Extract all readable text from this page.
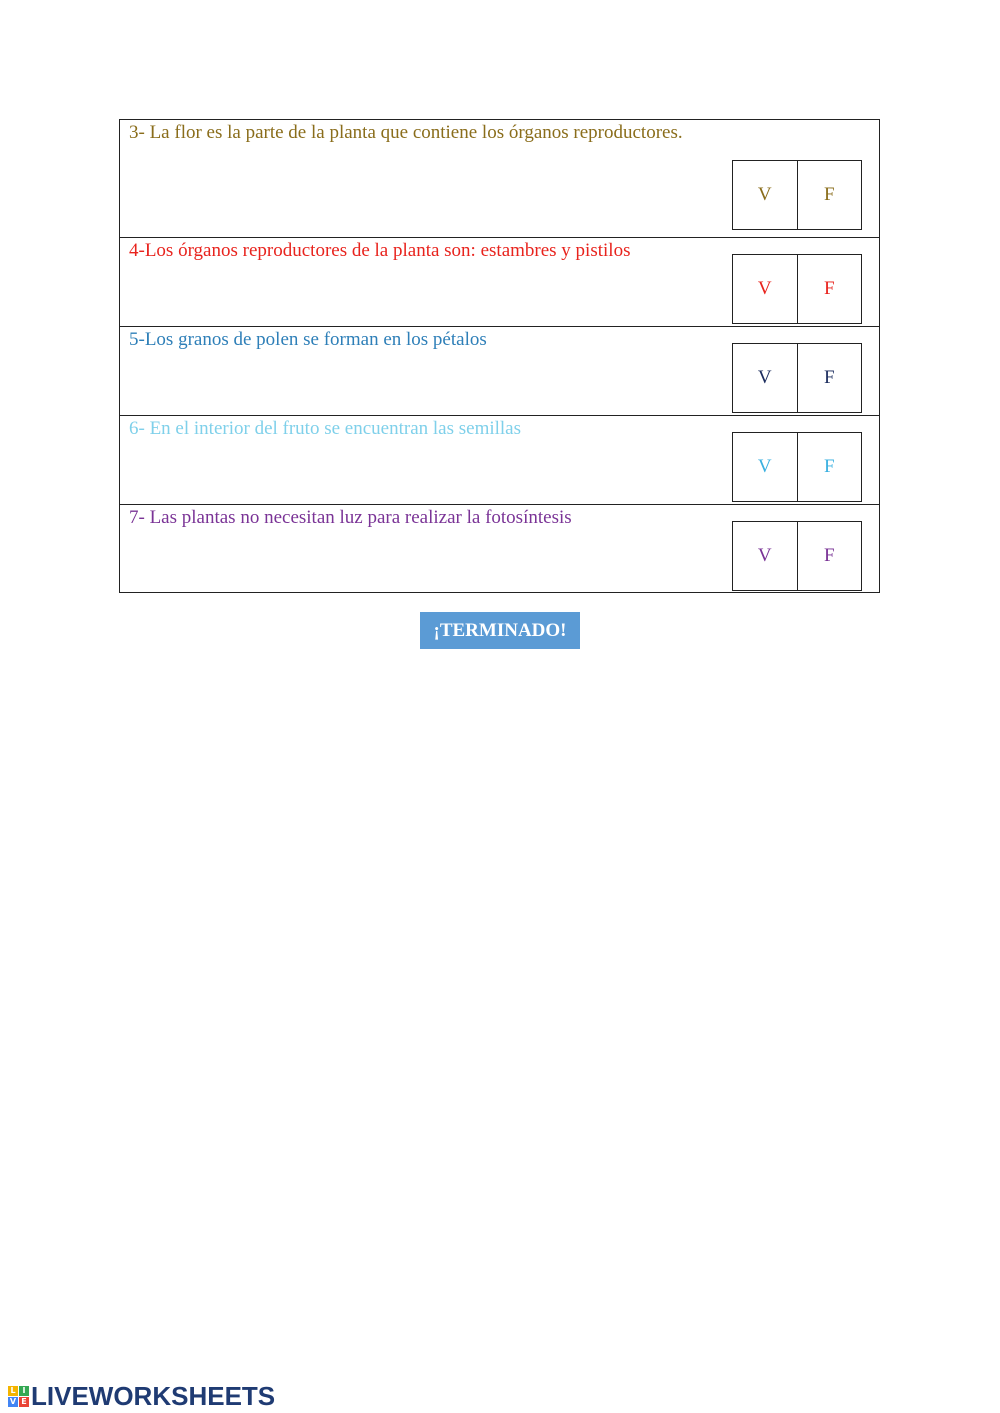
3- La flor es la parte de la planta que contiene los órganos reproductores.
V	F
4-Los órganos reproductores de la planta son: estambres y pistilos
V	F
5-Los granos de polen se forman en los pétalos
V	F
6- En el interior del fruto se encuentran las semillas
V	F
7- Las plantas no necesitan luz para realizar la fotosíntesis
V	F
¡TERMINADO!
L I
V E LIVEWORKSHEETS
